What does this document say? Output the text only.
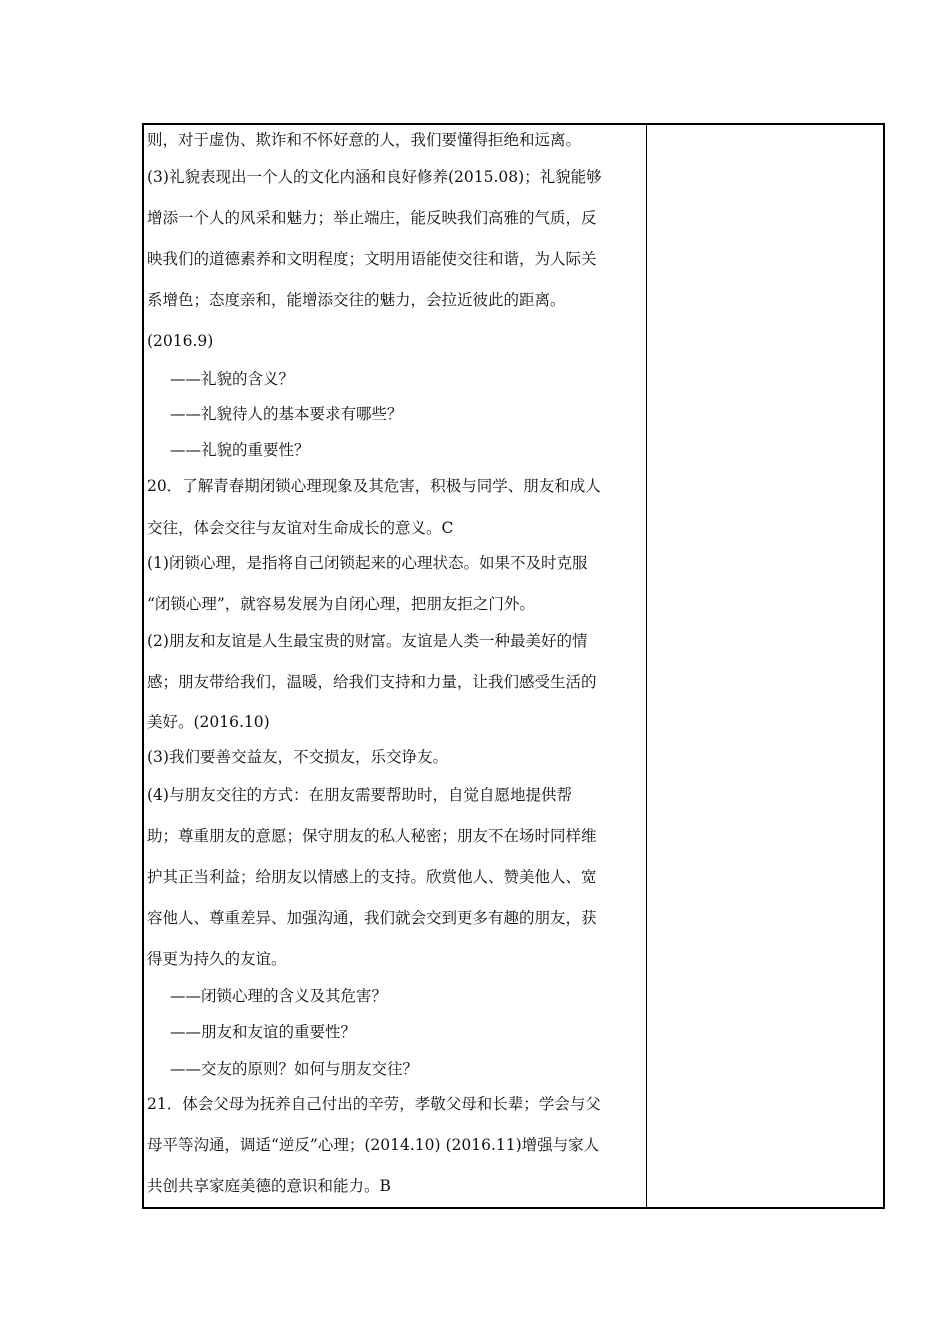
则，对于虚伪、欺诈和不怀好意的人，我们要懂得拒绝和远离。
(3)礼貌表现出一个人的文化内涵和良好修养(2015.08)；礼貌能够
增添一个人的风采和魅力；举止端庄，能反映我们高雅的气质，反
映我们的道德素养和文明程度；文明用语能使交往和谐，为人际关
系增色；态度亲和，能增添交往的魅力，会拉近彼此的距离。
(2016.9)
——礼貌的含义？
——礼貌待人的基本要求有哪些？
——礼貌的重要性？
20．了解青春期闭锁心理现象及其危害，积极与同学、朋友和成人
交往，体会交往与友谊对生命成长的意义。C
(1)闭锁心理，是指将自己闭锁起来的心理状态。如果不及时克服
“闭锁心理”，就容易发展为自闭心理，把朋友拒之门外。
(2)朋友和友谊是人生最宝贵的财富。友谊是人类一种最美好的情
感；朋友带给我们，温暖，给我们支持和力量，让我们感受生活的
美好。(2016.10)
(3)我们要善交益友，不交损友，乐交诤友。
(4)与朋友交往的方式：在朋友需要帮助时，自觉自愿地提供帮
助；尊重朋友的意愿；保守朋友的私人秘密；朋友不在场时同样维
护其正当利益；给朋友以情感上的支持。欣赏他人、赞美他人、宽
容他人、尊重差异、加强沟通，我们就会交到更多有趣的朋友，获
得更为持久的友谊。
——闭锁心理的含义及其危害？
——朋友和友谊的重要性？
——交友的原则？如何与朋友交往？
21．体会父母为抚养自己付出的辛劳，孝敬父母和长辈；学会与父
母平等沟通，调适“逆反”心理；(2014.10) (2016.11)增强与家人
共创共享家庭美德的意识和能力。B
